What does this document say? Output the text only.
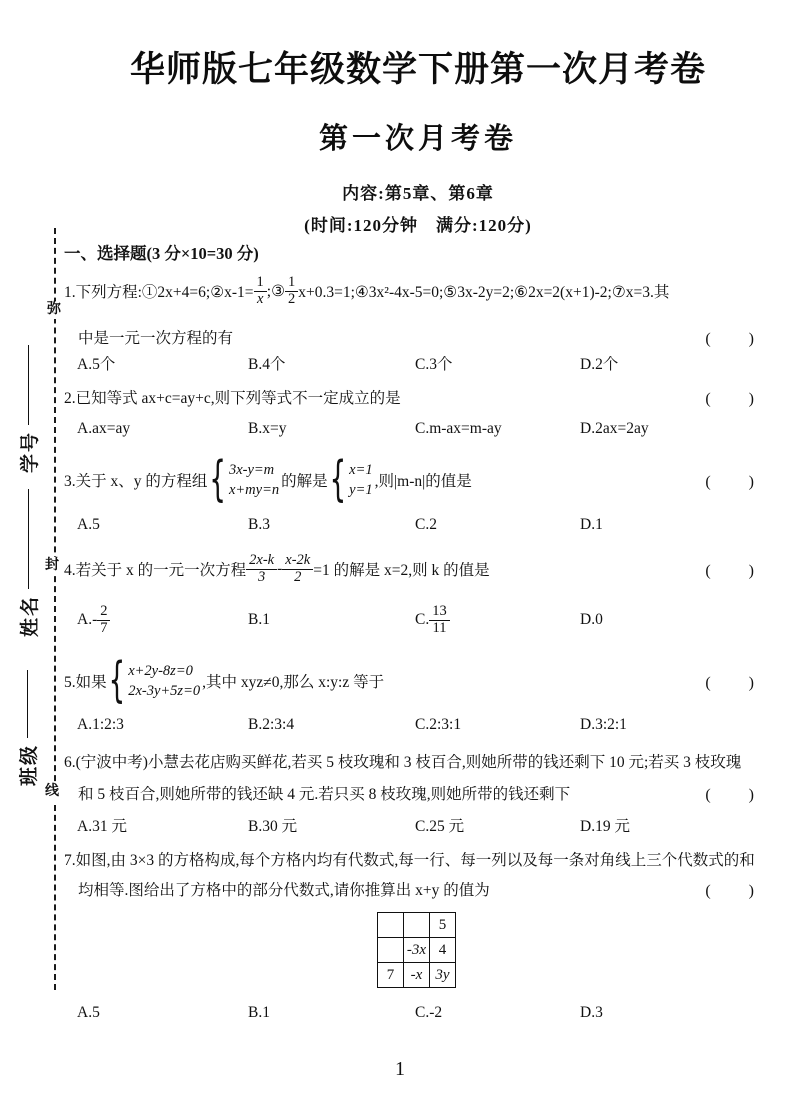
华师版七年级数学下册第一次月考卷
第一次月考卷
内容:第5章、第6章
(时间:120分钟　满分:120分)
学号
姓名
班级
弥
封
线
一、选择题(3 分×10=30 分)
1.下列方程:①2x+4=6;②x-1= $\frac{1}{x}$ ;③ $\frac{1}{2}$ x+0.3=1;④3x²-4x-5=0;⑤3x-2y=2;⑥2x=2(x+1)-2;⑦x=3.其
中是一元一次方程的有	(　　)
A.5个	B.4个	C.3个	D.2个
2.已知等式 ax+c=ay+c,则下列等式不一定成立的是	(　　)
A.ax=ay	B.x=y	C.m-ax=m-ay	D.2ax=2ay
3.关于 x、y 的方程组 { 3x-y=m
x+my=n 的解是 { x=1
y=1 ,则|m-n|的值是	(　　)
A.5	B.3	C.2	D.1
4.若关于 x 的一元一次方程 $\frac{2x-k}{3} - \frac{x-2k}{2} =1$ 的解是 x=2,则 k 的值是	(　　)
$A.- \frac{2}{7}$	B.1	C. $\frac{13}{11}$	D.0
5.如果 { x+2y-8z=0
2x-3y+5z=0 ,其中 xyz≠0,那么 x:y:z 等于	(　　)
A.1:2:3	B.2:3:4	C.2:3:1	D.3:2:1
6.(宁波中考)小慧去花店购买鲜花,若买 5 枝玫瑰和 3 枝百合,则她所带的钱还剩下 10 元;若买 3 枝玫瑰
和 5 枝百合,则她所带的钱还缺 4 元.若只买 8 枝玫瑰,则她所带的钱还剩下	(　　)
A.31 元	B.30 元	C.25 元	D.19 元
7.如图,由 3×3 的方格构成,每个方格内均有代数式,每一行、每一列以及每一条对角线上三个代数式的和
均相等.图给出了方格中的部分代数式,请你推算出 x+y 的值为	(　　)
		5
	-3x	4
7	-x	3y
A.5	B.1	C.-2	D.3
1
